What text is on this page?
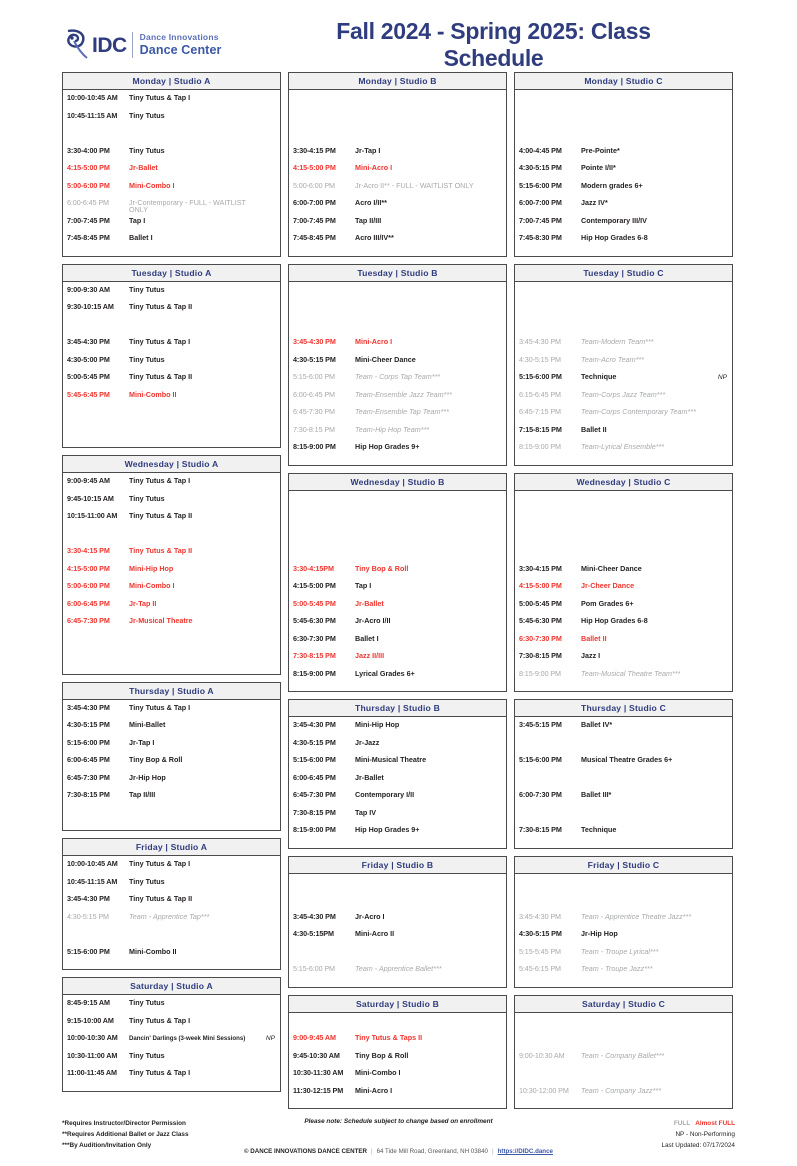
IDC Dance Innovations
Dance Center
Fall 2024 - Spring 2025: Class Schedule
Monday | Studio A
10:00-10:45 AM	Tiny Tutus & Tap I
10:45-11:15 AM	Tiny Tutus
3:30-4:00 PM	Tiny Tutus
4:15-5:00 PM	Jr-Ballet
5:00-6:00 PM	Mini-Combo I
6:00-6:45 PM	Jr-Contemporary - FULL - WAITLIST ONLY
7:00-7:45 PM	Tap I
7:45-8:45 PM	Ballet I
Tuesday | Studio A
9:00-9:30 AM	Tiny Tutus
9:30-10:15 AM	Tiny Tutus & Tap II
3:45-4:30 PM	Tiny Tutus & Tap I
4:30-5:00 PM	Tiny Tutus
5:00-5:45 PM	Tiny Tutus & Tap II
5:45-6:45 PM	Mini-Combo II
Wednesday | Studio A
9:00-9:45 AM	Tiny Tutus & Tap I
9:45-10:15 AM	Tiny Tutus
10:15-11:00 AM	Tiny Tutus & Tap II
3:30-4:15 PM	Tiny Tutus & Tap II
4:15-5:00 PM	Mini-Hip Hop
5:00-6:00 PM	Mini-Combo I
6:00-6:45 PM	Jr-Tap II
6:45-7:30 PM	Jr-Musical Theatre
Thursday | Studio A
3:45-4:30 PM	Tiny Tutus & Tap I
4:30-5:15 PM	Mini-Ballet
5:15-6:00 PM	Jr-Tap I
6:00-6:45 PM	Tiny Bop & Roll
6:45-7:30 PM	Jr-Hip Hop
7:30-8:15 PM	Tap II/III
Friday | Studio A
10:00-10:45 AM	Tiny Tutus & Tap I
10:45-11:15 AM	Tiny Tutus
3:45-4:30 PM	Tiny Tutus & Tap II
4:30-5:15 PM	Team - Apprentice Tap***
5:15-6:00 PM	Mini-Combo II
Saturday | Studio A
8:45-9:15 AM	Tiny Tutus
9:15-10:00 AM	Tiny Tutus & Tap I
10:00-10:30 AM	Dancin' Darlings (3-week Mini Sessions)	NP
10:30-11:00 AM	Tiny Tutus
11:00-11:45 AM	Tiny Tutus & Tap I
Monday | Studio B
3:30-4:15 PM	Jr-Tap I
4:15-5:00 PM	Mini-Acro I
5:00-6:00 PM	Jr-Acro II** - FULL - WAITLIST ONLY
6:00-7:00 PM	Acro I/II**
7:00-7:45 PM	Tap II/III
7:45-8:45 PM	Acro III/IV**
Tuesday | Studio B
3:45-4:30 PM	Mini-Acro I
4:30-5:15 PM	Mini-Cheer Dance
5:15-6:00 PM	Team - Corps Tap Team***
6:00-6:45 PM	Team-Ensemble Jazz Team***
6:45-7:30 PM	Team-Ensemble Tap Team***
7:30-8:15 PM	Team-Hip Hop Team***
8:15-9:00 PM	Hip Hop Grades 9+
Wednesday | Studio B
3:30-4:15PM	Tiny Bop & Roll
4:15-5:00 PM	Tap I
5:00-5:45 PM	Jr-Ballet
5:45-6:30 PM	Jr-Acro I/II
6:30-7:30 PM	Ballet I
7:30-8:15 PM	Jazz II/III
8:15-9:00 PM	Lyrical Grades 6+
Thursday | Studio B
3:45-4:30 PM	Mini-Hip Hop
4:30-5:15 PM	Jr-Jazz
5:15-6:00 PM	Mini-Musical Theatre
6:00-6:45 PM	Jr-Ballet
6:45-7:30 PM	Contemporary I/II
7:30-8:15 PM	Tap IV
8:15-9:00 PM	Hip Hop Grades 9+
Friday | Studio B
3:45-4:30 PM	Jr-Acro I
4:30-5:15PM	Mini-Acro II
5:15-6:00 PM	Team - Apprentice Ballet***
Saturday | Studio B
9:00-9:45 AM	Tiny Tutus & Taps II
9:45-10:30 AM	Tiny Bop & Roll
10:30-11:30 AM	Mini-Combo I
11:30-12:15 PM	Mini-Acro I
Monday | Studio C
4:00-4:45 PM	Pre-Pointe*
4:30-5:15 PM	Pointe I/II*
5:15-6:00 PM	Modern grades 6+
6:00-7:00 PM	Jazz IV*
7:00-7:45 PM	Contemporary III/IV
7:45-8:30 PM	Hip Hop Grades 6-8
Tuesday | Studio C
3:45-4:30 PM	Team-Modern Team***
4:30-5:15 PM	Team-Acro Team***
5:15-6:00 PM	Technique	NP
6:15-6:45 PM	Team-Corps Jazz Team***
6:45-7:15 PM	Team-Corps Contemporary Team***
7:15-8:15 PM	Ballet II
8:15-9:00 PM	Team-Lyrical Ensemble***
Wednesday | Studio C
3:30-4:15 PM	Mini-Cheer Dance
4:15-5:00 PM	Jr-Cheer Dance
5:00-5:45 PM	Pom Grades 6+
5:45-6:30 PM	Hip Hop Grades 6-8
6:30-7:30 PM	Ballet II
7:30-8:15 PM	Jazz I
8:15-9:00 PM	Team-Musical Theatre Team***
Thursday | Studio C
3:45-5:15 PM	Ballet IV*
5:15-6:00 PM	Musical Theatre Grades 6+
6:00-7:30 PM	Ballet III*
7:30-8:15 PM	Technique
Friday | Studio C
3:45-4:30 PM	Team - Apprentice Theatre Jazz***
4:30-5:15 PM	Jr-Hip Hop
5:15-5:45 PM	Team - Troupe Lyrical***
5:45-6:15 PM	Team - Troupe Jazz***
Saturday | Studio C
9:00-10:30 AM	Team - Company Ballet***
10:30-12:00 PM	Team - Company Jazz***
*Requires Instructor/Director Permission
**Requires Additional Ballet or Jazz Class
***By Audition/Invitation Only
Please note: Schedule subject to change based on enrollment	FULL Almost FULL
NP - Non-Performing
Last Updated: 07/17/2024
© DANCE INNOVATIONS DANCE CENTER | 64 Tide Mill Road, Greenland, NH 03840 | https://DIDC.dance
